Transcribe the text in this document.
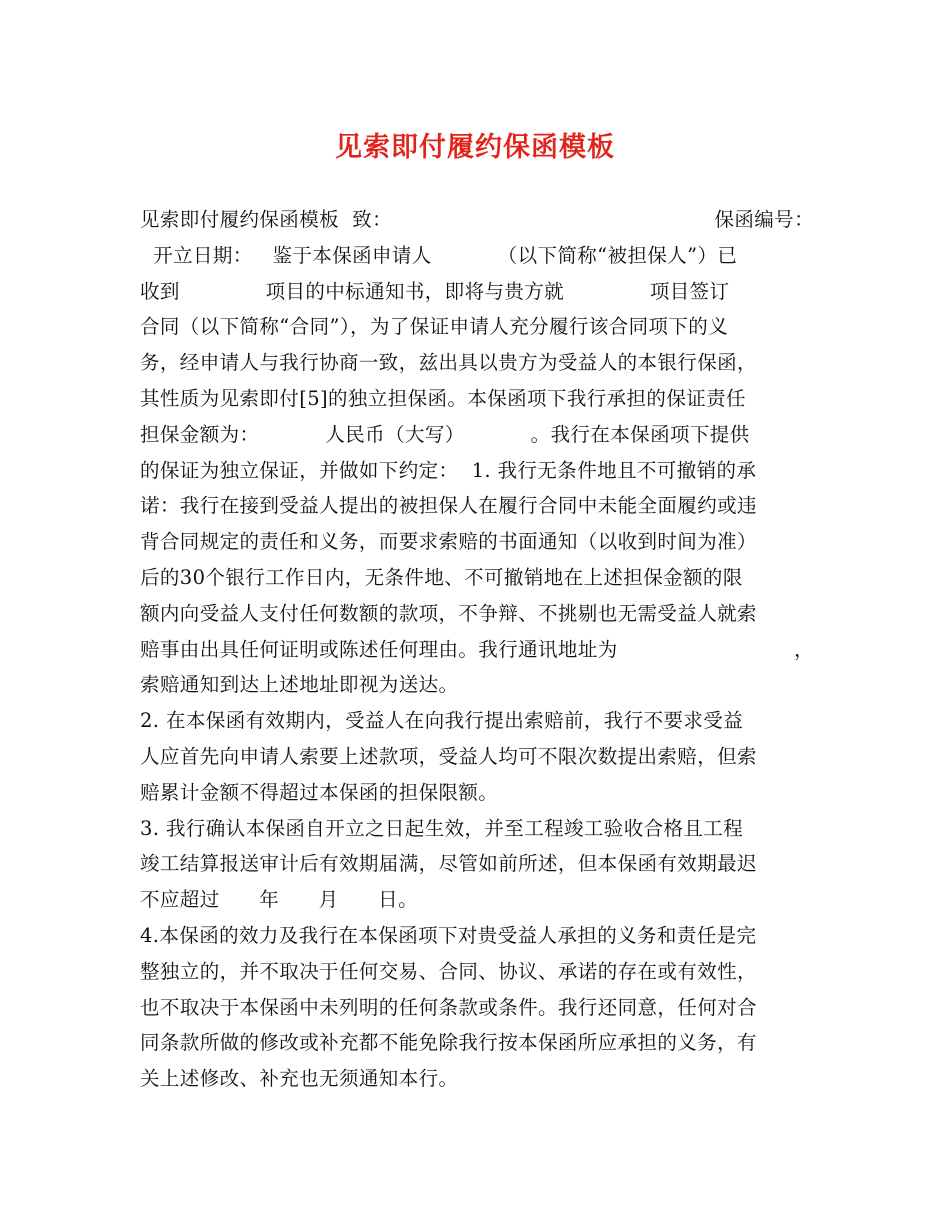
见索即付履约保函模板
见索即付履约保函模板  致：	保函编号：
开立日期：   鉴于本保函申请人          （以下简称“被担保人”）已
收到             项目的中标通知书，即将与贵方就             项目签订
合同（以下简称“合同”），为了保证申请人充分履行该合同项下的义
务，经申请人与我行协商一致，兹出具以贵方为受益人的本银行保函，
其性质为见索即付[5]的独立担保函。本保函项下我行承担的保证责任
担保金额为：          人民币（大写）          。我行在本保函项下提供
的保证为独立保证，并做如下约定：  1. 我行无条件地且不可撤销的承
诺：我行在接到受益人提出的被担保人在履行合同中未能全面履约或违
背合同规定的责任和义务，而要求索赔的书面通知（以收到时间为准）
后的30个银行工作日内，无条件地、不可撤销地在上述担保金额的限
额内向受益人支付任何数额的款项，不争辩、不挑剔也无需受益人就索
赔事由出具任何证明或陈述任何理由。我行通讯地址为	，
索赔通知到达上述地址即视为送达。
2. 在本保函有效期内，受益人在向我行提出索赔前，我行不要求受益
人应首先向申请人索要上述款项，受益人均可不限次数提出索赔，但索
赔累计金额不得超过本保函的担保限额。
3. 我行确认本保函自开立之日起生效，并至工程竣工验收合格且工程
竣工结算报送审计后有效期届满，尽管如前所述，但本保函有效期最迟
不应超过      年      月      日。
4.本保函的效力及我行在本保函项下对贵受益人承担的义务和责任是完
整独立的，并不取决于任何交易、合同、协议、承诺的存在或有效性，
也不取决于本保函中未列明的任何条款或条件。我行还同意，任何对合
同条款所做的修改或补充都不能免除我行按本保函所应承担的义务，有
关上述修改、补充也无须通知本行。
